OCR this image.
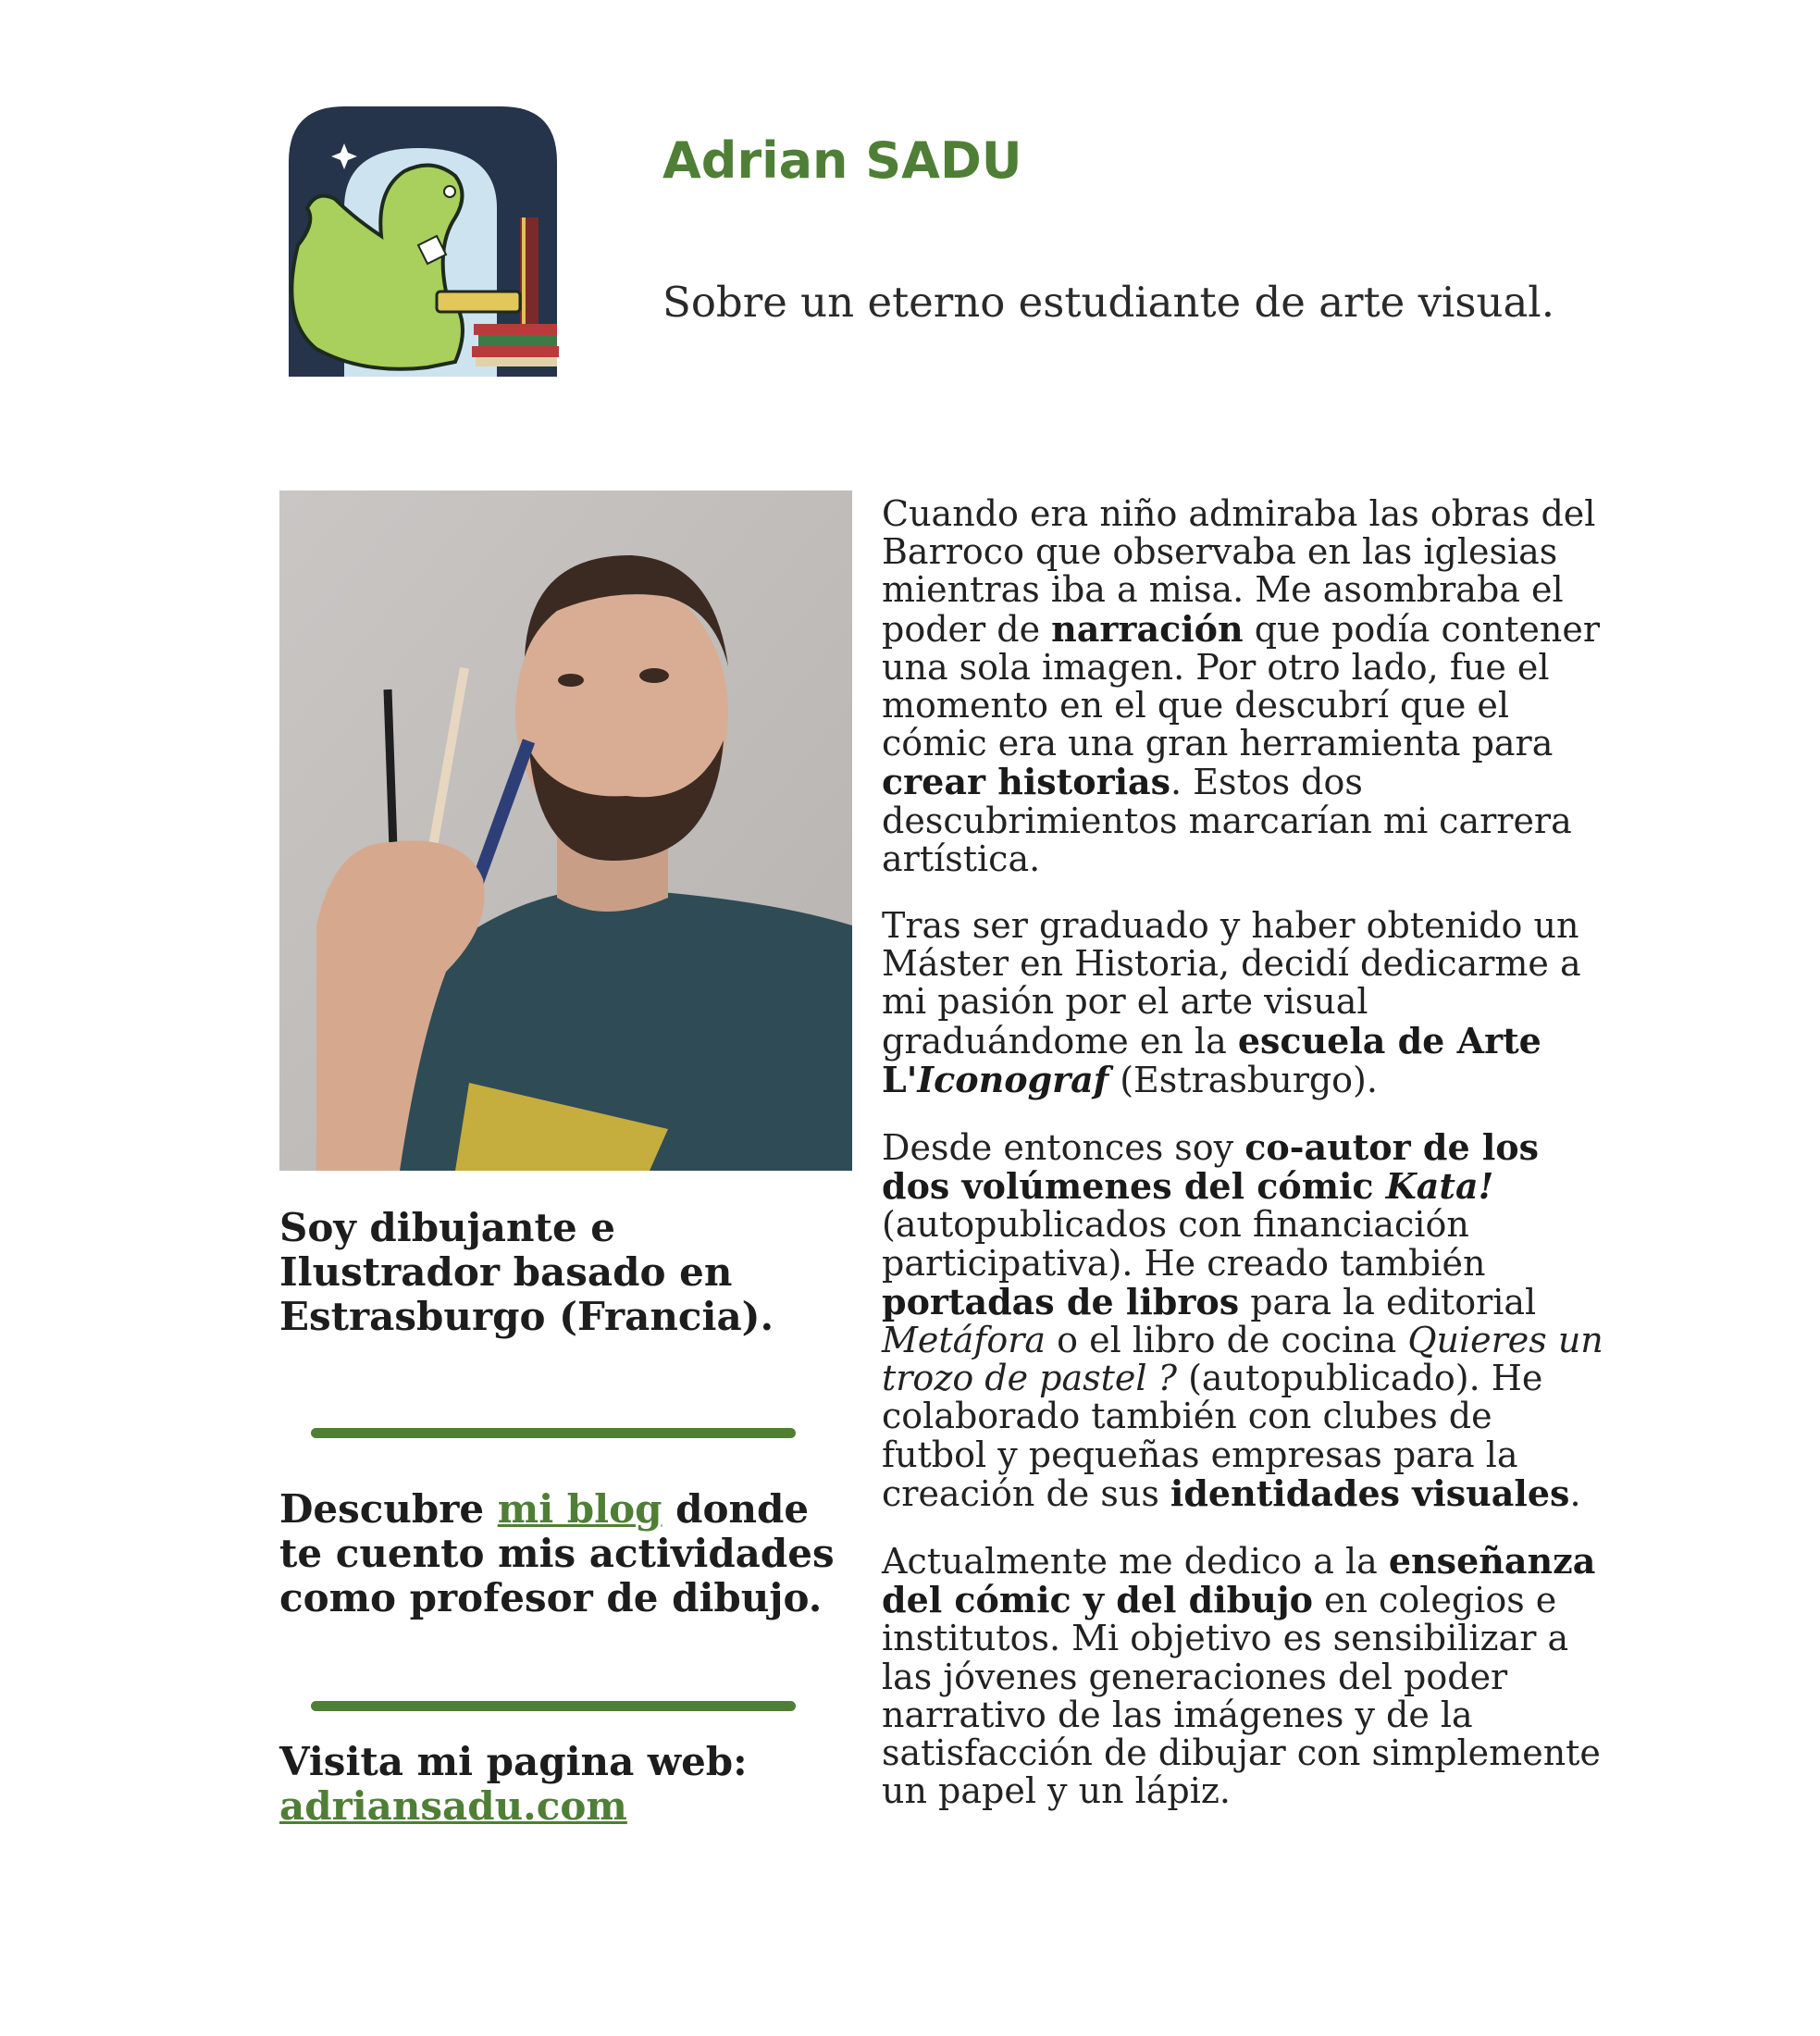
Adrian SADU
Sobre un eterno estudiante de arte visual.

Soy dibujante e Ilustrador basado en Estrasburgo (Francia).

Descubre mi blog donde te cuento mis actividades como profesor de dibujo.

Visita mi pagina web:
adriansadu.com

Cuando era niño admiraba las obras del Barroco que observaba en las iglesias mientras iba a misa. Me asombraba el poder de narración que podía contener una sola imagen. Por otro lado, fue el momento en el que descubrí que el cómic era una gran herramienta para crear historias. Estos dos descubrimientos marcarían mi carrera artística.

Tras ser graduado y haber obtenido un Máster en Historia, decidí dedicarme a mi pasión por el arte visual graduándome en la escuela de Arte L'Iconograf (Estrasburgo).

Desde entonces soy co-autor de los dos volúmenes del cómic Kata! (autopublicados con financiación participativa). He creado también portadas de libros para la editorial Metáfora o el libro de cocina Quieres un trozo de pastel ? (autopublicado). He colaborado también con clubes de futbol y pequeñas empresas para la creación de sus identidades visuales.

Actualmente me dedico a la enseñanza del cómic y del dibujo en colegios e institutos. Mi objetivo es sensibilizar a las jóvenes generaciones del poder narrativo de las imágenes y de la satisfacción de dibujar con simplemente un papel y un lápiz.
